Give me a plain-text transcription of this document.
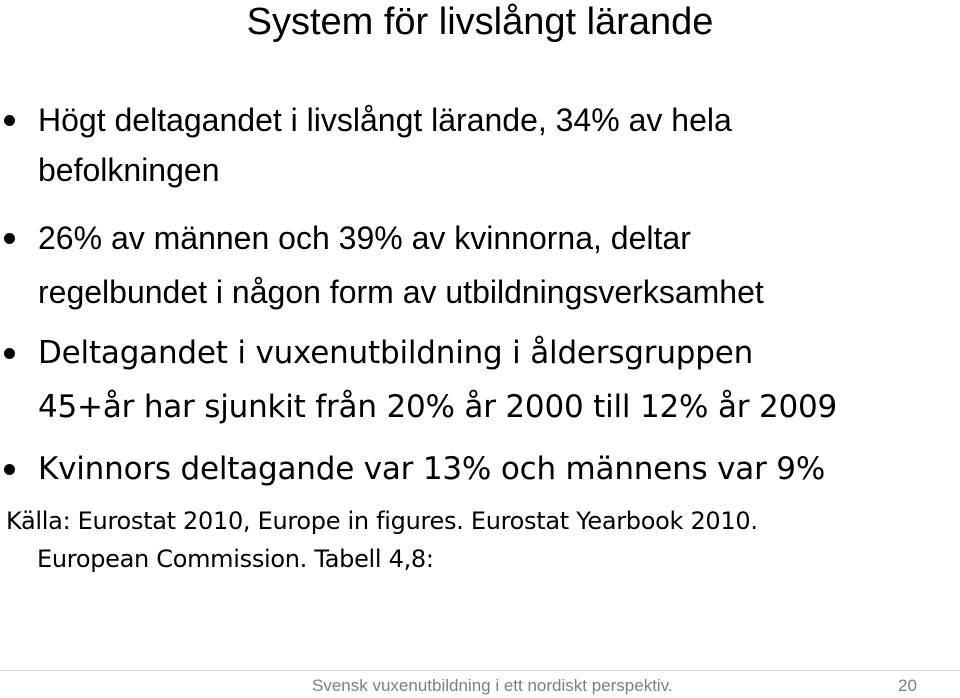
System för livslångt lärande

Högt deltagandet i livslångt lärande, 34% av hela

befolkningen

26% av männen och 39% av kvinnorna, deltar

regelbundet i någon form av utbildningsverksamhet

Deltagandet i vuxenutbildning i åldersgruppen

45+år har sjunkit från 20% år 2000 till 12% år 2009

Kvinnors deltagande var 13% och männens var 9%

Källa: Eurostat 2010, Europe in figures. Eurostat Yearbook 2010.
European Commission. Tabell 4,8:
Svensk vuxenutbildning i ett nordiskt perspektiv.	20
